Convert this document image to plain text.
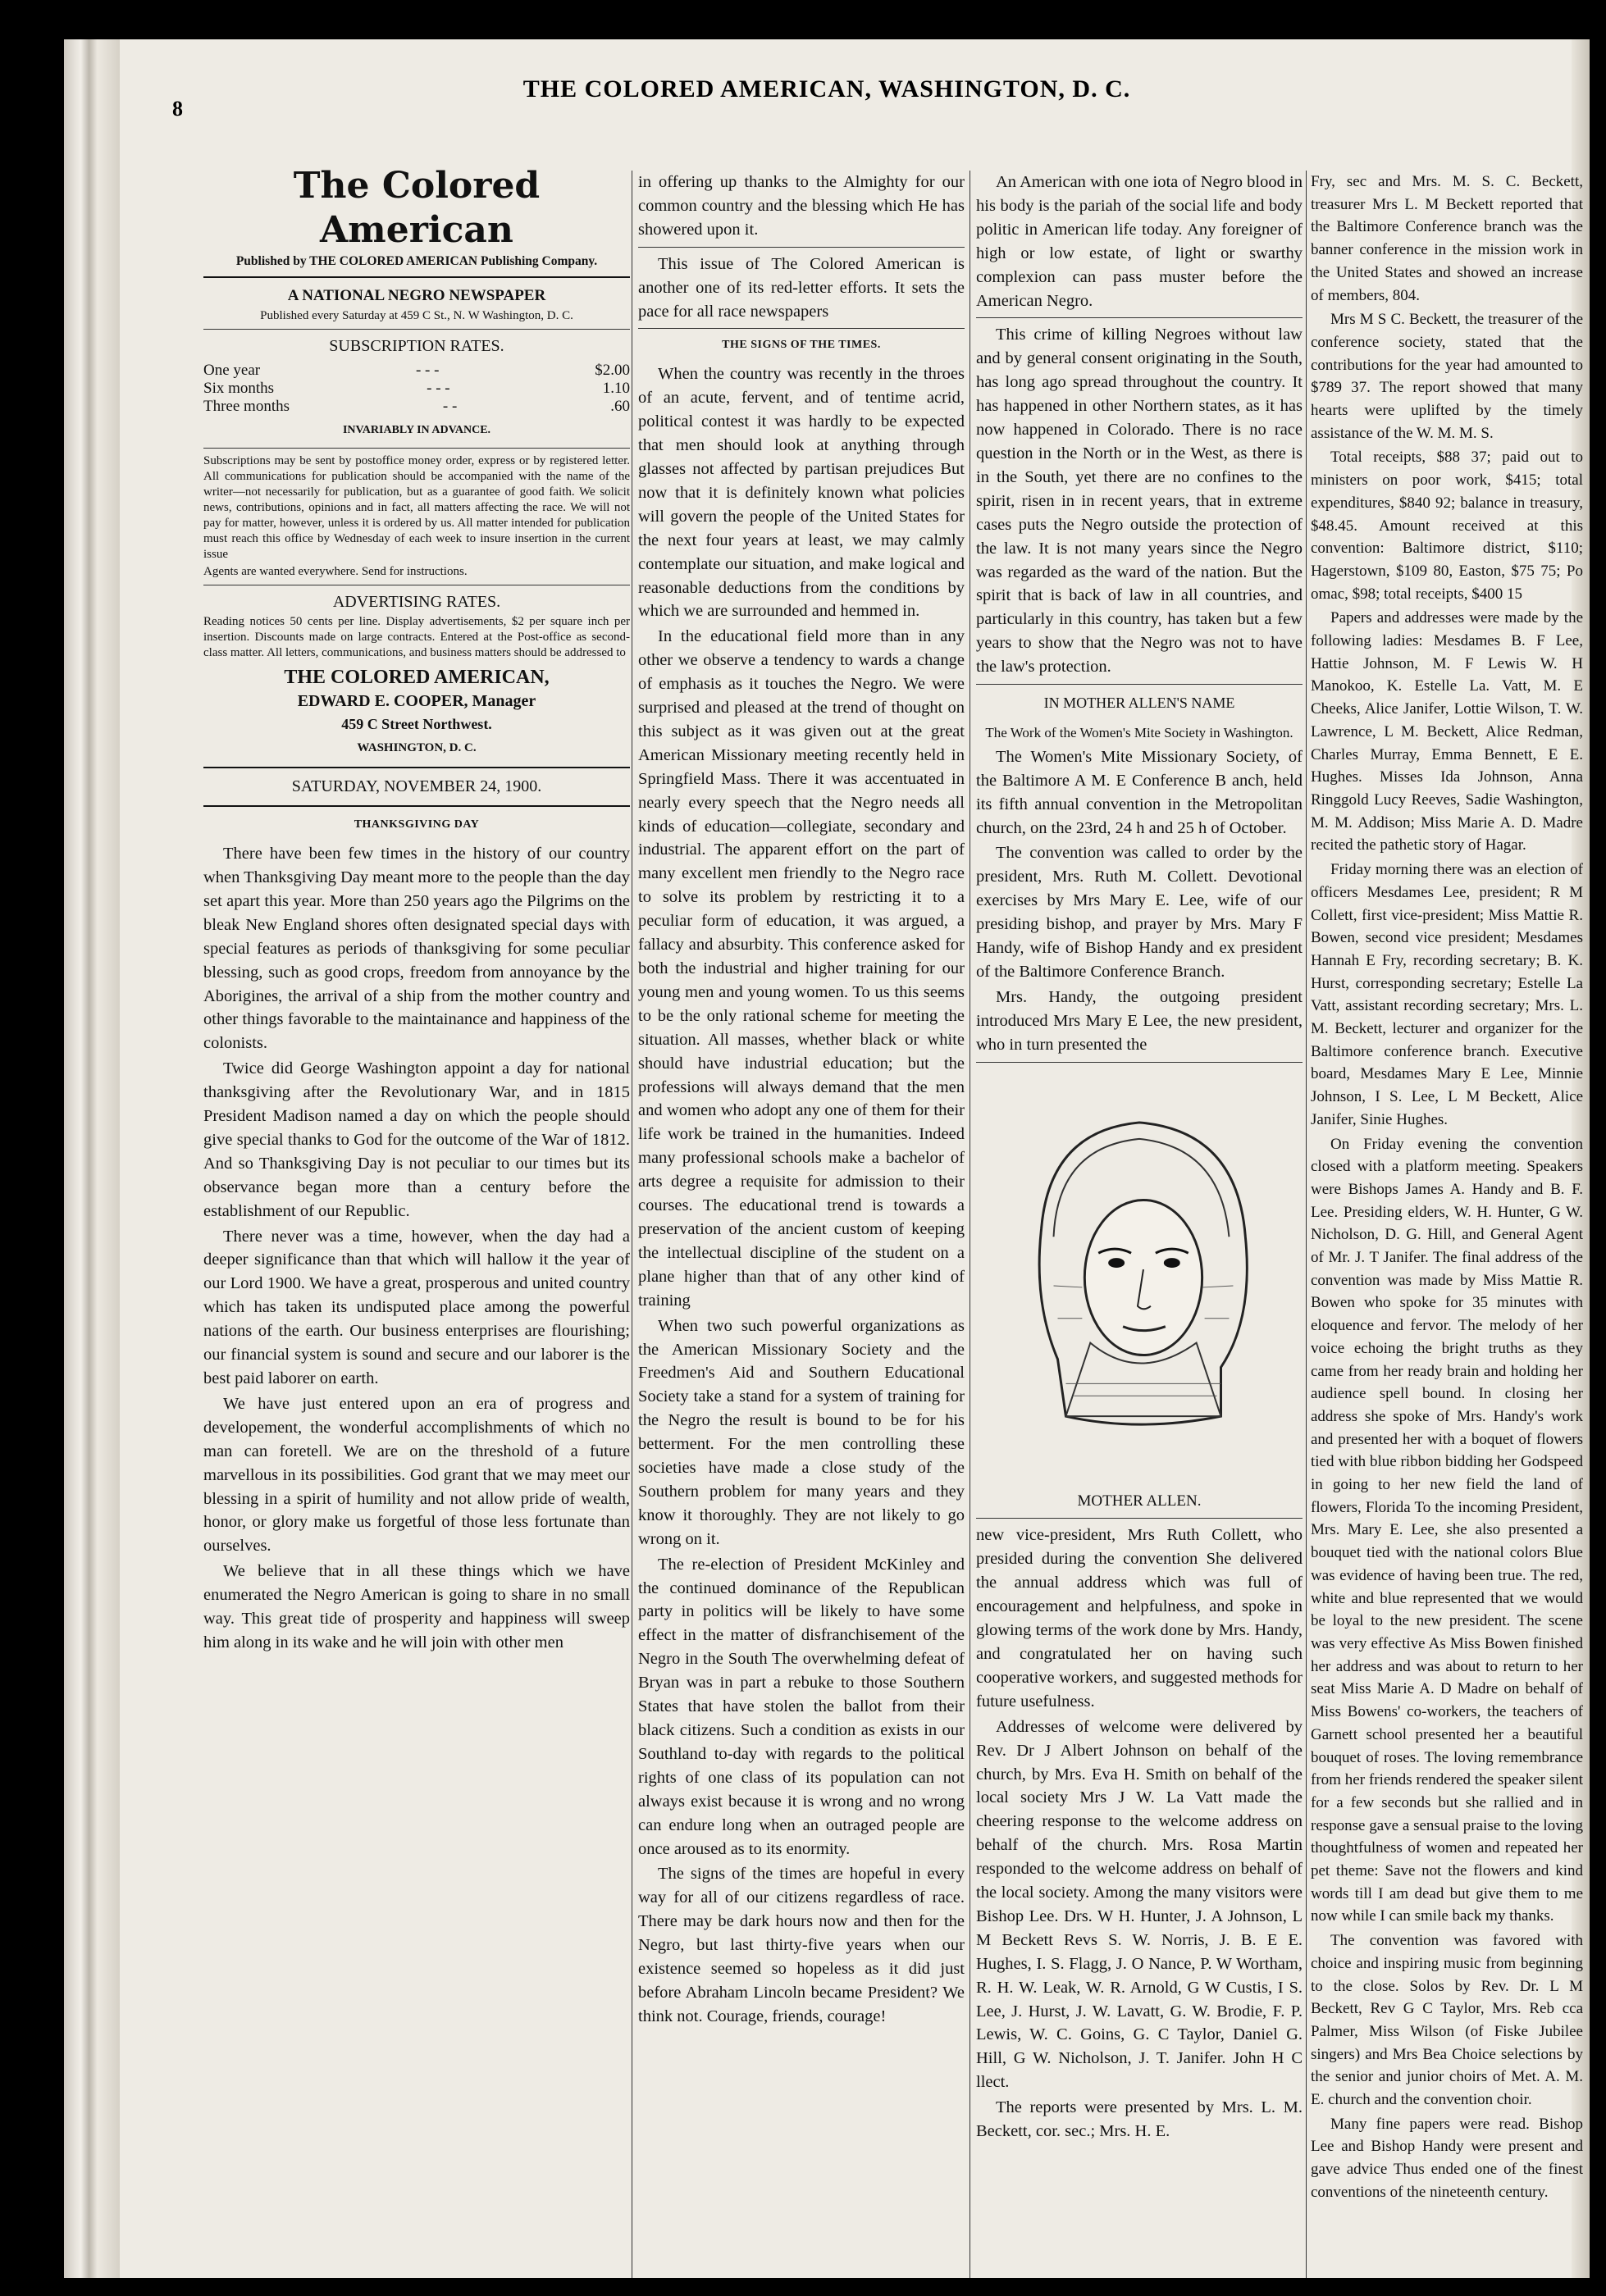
8
THE COLORED AMERICAN, WASHINGTON, D. C.
The Colored American
Published by THE COLORED AMERICAN Publishing Company.
A NATIONAL NEGRO NEWSPAPER
Published every Saturday at 459 C St., N. W Washington, D. C.
SUBSCRIPTION RATES.
One year	- - -	$2.00
Six months	- - -	1.10
Three months	- -	.60
INVARIABLY IN ADVANCE.

Subscriptions may be sent by postoffice money order, express or by registered letter. All communications for publication should be accompanied with the name of the writer—not necessarily for publication, but as a guarantee of good faith. We solicit news, contributions, opinions and in fact, all matters affecting the race. We will not pay for matter, however, unless it is ordered by us. All matter intended for publication must reach this office by Wednesday of each week to insure insertion in the current issue

Agents are wanted everywhere. Send for instructions.

ADVERTISING RATES.

Reading notices 50 cents per line. Display advertisements, $2 per square inch per insertion. Discounts made on large contracts. Entered at the Post-office as second-class matter. All letters, communications, and business matters should be addressed to

THE COLORED AMERICAN,
EDWARD E. COOPER, Manager
459 C Street Northwest.
WASHINGTON, D. C.
SATURDAY, NOVEMBER 24, 1900.
THANKSGIVING DAY

There have been few times in the history of our country when Thanksgiving Day meant more to the people than the day set apart this year. More than 250 years ago the Pilgrims on the bleak New England shores often designated special days with special features as periods of thanksgiving for some peculiar blessing, such as good crops, freedom from annoyance by the Aborigines, the arrival of a ship from the mother country and other things favorable to the maintainance and happiness of the colonists.

Twice did George Washington appoint a day for national thanksgiving after the Revolutionary War, and in 1815 President Madison named a day on which the people should give special thanks to God for the outcome of the War of 1812. And so Thanksgiving Day is not peculiar to our times but its observance began more than a century before the establishment of our Republic.

There never was a time, however, when the day had a deeper significance than that which will hallow it the year of our Lord 1900. We have a great, prosperous and united country which has taken its undisputed place among the powerful nations of the earth. Our business enterprises are flourishing; our financial system is sound and secure and our laborer is the best paid laborer on earth.

We have just entered upon an era of progress and developement, the wonderful accomplishments of which no man can foretell. We are on the threshold of a future marvellous in its possibilities. God grant that we may meet our blessing in a spirit of humility and not allow pride of wealth, honor, or glory make us forgetful of those less fortunate than ourselves.

We believe that in all these things which we have enumerated the Negro American is going to share in no small way. This great tide of prosperity and happiness will sweep him along in its wake and he will join with other men

in offering up thanks to the Almighty for our common country and the blessing which He has showered upon it.

This issue of The Colored American is another one of its red-letter efforts. It sets the pace for all race newspapers

THE SIGNS OF THE TIMES.

When the country was recently in the throes of an acute, fervent, and of tentime acrid, political contest it was hardly to be expected that men should look at anything through glasses not affected by partisan prejudices But now that it is definitely known what policies will govern the people of the United States for the next four years at least, we may calmly contemplate our situation, and make logical and reasonable deductions from the conditions by which we are surrounded and hemmed in.

In the educational field more than in any other we observe a tendency to wards a change of emphasis as it touches the Negro. We were surprised and pleased at the trend of thought on this subject as it was given out at the great American Missionary meeting recently held in Springfield Mass. There it was accentuated in nearly every speech that the Negro needs all kinds of education—collegiate, secondary and industrial. The apparent effort on the part of many excellent men friendly to the Negro race to solve its problem by restricting it to a peculiar form of education, it was argued, a fallacy and absurbity. This conference asked for both the industrial and higher training for our young men and young women. To us this seems to be the only rational scheme for meeting the situation. All masses, whether black or white should have industrial education; but the professions will always demand that the men and women who adopt any one of them for their life work be trained in the humanities. Indeed many professional schools make a bachelor of arts degree a requisite for admission to their courses. The educational trend is towards a preservation of the ancient custom of keeping the intellectual discipline of the student on a plane higher than that of any other kind of training

When two such powerful organizations as the American Missionary Society and the Freedmen's Aid and Southern Educational Society take a stand for a system of training for the Negro the result is bound to be for his betterment. For the men controlling these societies have made a close study of the Southern problem for many years and they know it thoroughly. They are not likely to go wrong on it.

The re-election of President McKinley and the continued dominance of the Republican party in politics will be likely to have some effect in the matter of disfranchisement of the Negro in the South The overwhelming defeat of Bryan was in part a rebuke to those Southern States that have stolen the ballot from their black citizens. Such a condition as exists in our Southland to-day with regards to the political rights of one class of its population can not always exist because it is wrong and no wrong can endure long when an outraged people are once aroused as to its enormity.

The signs of the times are hopeful in every way for all of our citizens regardless of race. There may be dark hours now and then for the Negro, but last thirty-five years when our existence seemed so hopeless as it did just before Abraham Lincoln became President? We think not. Courage, friends, courage!

An American with one iota of Negro blood in his body is the pariah of the social life and body politic in American life today. Any foreigner of high or low estate, of light or swarthy complexion can pass muster before the American Negro.

This crime of killing Negroes without law and by general consent originating in the South, has long ago spread throughout the country. It has happened in other Northern states, as it has now happened in Colorado. There is no race question in the North or in the West, as there is in the South, yet there are no confines to the spirit, risen in in recent years, that in extreme cases puts the Negro outside the protection of the law. It is not many years since the Negro was regarded as the ward of the nation. But the spirit that is back of law in all countries, and particularly in this country, has taken but a few years to show that the Negro was not to have the law's protection.

IN MOTHER ALLEN'S NAME
The Work of the Women's Mite Society in Washington.

The Women's Mite Missionary Society, of the Baltimore A M. E Conference B anch, held its fifth annual convention in the Metropolitan church, on the 23rd, 24 h and 25 h of October.

The convention was called to order by the president, Mrs. Ruth M. Collett. Devotional exercises by Mrs Mary E. Lee, wife of our presiding bishop, and prayer by Mrs. Mary F Handy, wife of Bishop Handy and ex president of the Baltimore Conference Branch.

Mrs. Handy, the outgoing president introduced Mrs Mary E Lee, the new president, who in turn presented the

MOTHER ALLEN.

new vice-president, Mrs Ruth Collett, who presided during the convention She delivered the annual address which was full of encouragement and helpfulness, and spoke in glowing terms of the work done by Mrs. Handy, and congratulated her on having such cooperative workers, and suggested methods for future usefulness.

Addresses of welcome were delivered by Rev. Dr J Albert Johnson on behalf of the church, by Mrs. Eva H. Smith on behalf of the local society Mrs J W. La Vatt made the cheering response to the welcome address on behalf of the church. Mrs. Rosa Martin responded to the welcome address on behalf of the local society. Among the many visitors were Bishop Lee. Drs. W H. Hunter, J. A Johnson, L M Beckett Revs S. W. Norris, J. B. E E. Hughes, I. S. Flagg, J. O Nance, P. W Wortham, R. H. W. Leak, W. R. Arnold, G W Custis, I S. Lee, J. Hurst, J. W. Lavatt, G. W. Brodie, F. P. Lewis, W. C. Goins, G. C Taylor, Daniel G. Hill, G W. Nicholson, J. T. Janifer. John H C llect.

The reports were presented by Mrs. L. M. Beckett, cor. sec.; Mrs. H. E.

Fry, sec and Mrs. M. S. C. Beckett, treasurer Mrs L. M Beckett reported that the Baltimore Conference branch was the banner conference in the mission work in the United States and showed an increase of members, 804.

Mrs M S C. Beckett, the treasurer of the conference society, stated that the contributions for the year had amounted to $789 37. The report showed that many hearts were uplifted by the timely assistance of the W. M. M. S.

Total receipts, $88 37; paid out to ministers on poor work, $415; total expenditures, $840 92; balance in treasury, $48.45. Amount received at this convention: Baltimore district, $110; Hagerstown, $109 80, Easton, $75 75; Po omac, $98; total receipts, $400 15

Papers and addresses were made by the following ladies: Mesdames B. F Lee, Hattie Johnson, M. F Lewis W. H Manokoo, K. Estelle La. Vatt, M. E Cheeks, Alice Janifer, Lottie Wilson, T. W. Lawrence, L M. Beckett, Alice Redman, Charles Murray, Emma Bennett, E E. Hughes. Misses Ida Johnson, Anna Ringgold Lucy Reeves, Sadie Washington, M. M. Addison; Miss Marie A. D. Madre recited the pathetic story of Hagar.

Friday morning there was an election of officers Mesdames Lee, president; R M Collett, first vice-president; Miss Mattie R. Bowen, second vice president; Mesdames Hannah E Fry, recording secretary; B. K. Hurst, corresponding secretary; Estelle La Vatt, assistant recording secretary; Mrs. L. M. Beckett, lecturer and organizer for the Baltimore conference branch. Executive board, Mesdames Mary E Lee, Minnie Johnson, I S. Lee, L M Beckett, Alice Janifer, Sinie Hughes.

On Friday evening the convention closed with a platform meeting. Speakers were Bishops James A. Handy and B. F. Lee. Presiding elders, W. H. Hunter, G W. Nicholson, D. G. Hill, and General Agent of Mr. J. T Janifer. The final address of the convention was made by Miss Mattie R. Bowen who spoke for 35 minutes with eloquence and fervor. The melody of her voice echoing the bright truths as they came from her ready brain and holding her audience spell bound. In closing her address she spoke of Mrs. Handy's work and presented her with a boquet of flowers tied with blue ribbon bidding her Godspeed in going to her new field the land of flowers, Florida To the incoming President, Mrs. Mary E. Lee, she also presented a bouquet tied with the national colors Blue was evidence of having been true. The red, white and blue represented that we would be loyal to the new president. The scene was very effective As Miss Bowen finished her address and was about to return to her seat Miss Marie A. D Madre on behalf of Miss Bowens' co-workers, the teachers of Garnett school presented her a beautiful bouquet of roses. The loving remembrance from her friends rendered the speaker silent for a few seconds but she rallied and in response gave a sensual praise to the loving thoughtfulness of women and repeated her pet theme: Save not the flowers and kind words till I am dead but give them to me now while I can smile back my thanks.

The convention was favored with choice and inspiring music from beginning to the close. Solos by Rev. Dr. L M Beckett, Rev G C Taylor, Mrs. Reb cca Palmer, Miss Wilson (of Fiske Jubilee singers) and Mrs Bea Choice selections by the senior and junior choirs of Met. A. M. E. church and the convention choir.

Many fine papers were read. Bishop Lee and Bishop Handy were present and gave advice Thus ended one of the finest conventions of the nineteenth century.
